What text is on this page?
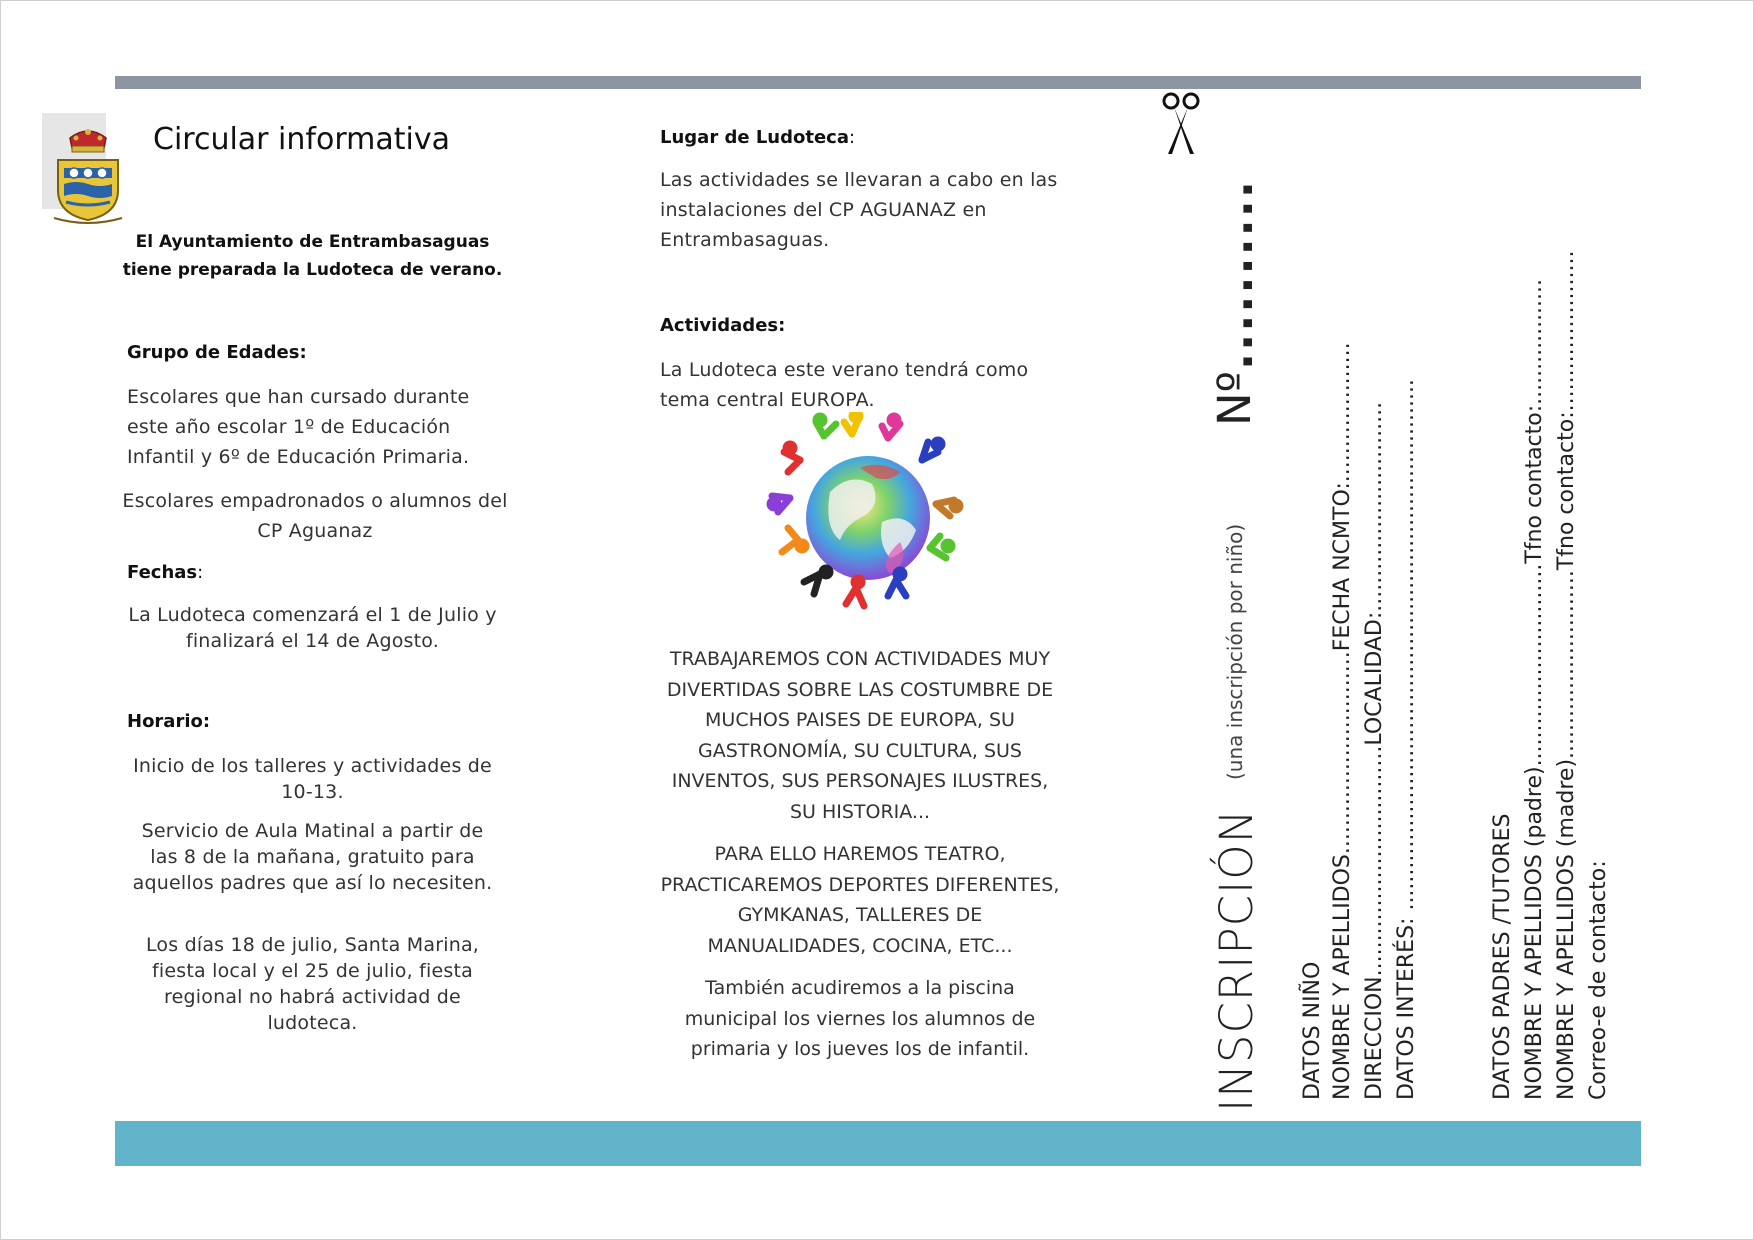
Circular informativa
El Ayuntamiento de Entrambasaguas tiene preparada la Ludoteca de verano.
Grupo de Edades:
Escolares que han cursado durante este año escolar 1º de Educación Infantil y 6º de Educación Primaria.
Escolares empadronados o alumnos del CP Aguanaz
Fechas:
La Ludoteca comenzará el 1 de Julio y finalizará el 14 de Agosto.
Horario:
Inicio de los talleres y actividades de 10-13.
Servicio de Aula Matinal a partir de las 8 de la mañana, gratuito para aquellos padres que así lo necesiten.
Los días 18 de julio, Santa Marina, fiesta local y el 25 de julio, fiesta regional no habrá actividad de ludoteca.
Lugar de Ludoteca:
Las actividades se llevaran a cabo en las instalaciones del CP AGUANAZ en Entrambasaguas.
Actividades:
La Ludoteca este verano tendrá como tema central EUROPA.
TRABAJAREMOS CON ACTIVIDADES MUY DIVERTIDAS SOBRE LAS COSTUMBRE DE MUCHOS PAISES DE EUROPA, SU GASTRONOMÍA, SU CULTURA, SUS INVENTOS, SUS PERSONAJES ILUSTRES, SU HISTORIA...
PARA ELLO HAREMOS TEATRO, PRACTICAREMOS DEPORTES DIFERENTES, GYMKANAS, TALLERES DE MANUALIDADES, COCINA, ETC...
También acudiremos a la piscina municipal los viernes los alumnos de primaria y los jueves los de infantil.	INSCRIPCIÓN
(una inscripción por niño)
Nº
..........
DATOS NIÑO NOMBRE Y APELLIDOS.............................FECHA NCMTO:.................... DIRECCION.................................LOCALIDAD:.............................. DATOS INTERÉS: ............................................................................	DATOS PADRES /TUTORES NOMBRE Y APELLIDOS (padre).............................Tfno contacto:.................. NOMBRE Y APELLIDOS (madre)...........................Tfno contacto:....................... Correo-e de contacto:
